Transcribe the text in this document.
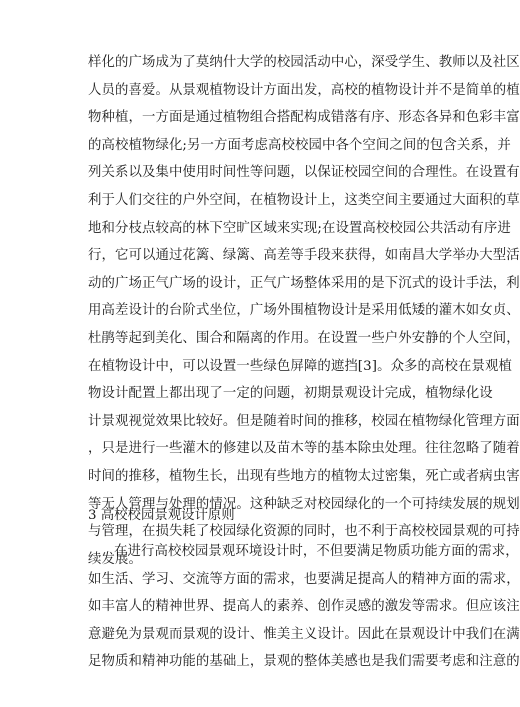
样化的广场成为了莫纳什大学的校园活动中心，深受学生、教师以及社区
人员的喜爱。从景观植物设计方面出发，高校的植物设计并不是简单的植
物种植，一方面是通过植物组合搭配构成错落有序、形态各异和色彩丰富
的高校植物绿化;另一方面考虑高校校园中各个空间之间的包含关系，并
列关系以及集中使用时间性等问题，以保证校园空间的合理性。在设置有
利于人们交往的户外空间，在植物设计上，这类空间主要通过大面积的草
地和分枝点较高的林下空旷区域来实现;在设置高校校园公共活动有序进
行，它可以通过花篱、绿篱、高差等手段来获得，如南昌大学举办大型活
动的广场正气广场的设计，正气广场整体采用的是下沉式的设计手法，利
用高差设计的台阶式坐位，广场外围植物设计是采用低矮的灌木如女贞、
杜鹃等起到美化、围合和隔离的作用。在设置一些户外安静的个人空间，
在植物设计中，可以设置一些绿色屏障的遮挡[3]。众多的高校在景观植
物设计配置上都出现了一定的问题，初期景观设计完成，植物绿化设
计景观视觉效果比较好。但是随着时间的推移，校园在植物绿化管理方面
，只是进行一些灌木的修建以及苗木等的基本除虫处理。往往忽略了随着
时间的推移，植物生长，出现有些地方的植物太过密集，死亡或者病虫害
等无人管理与处理的情况。这种缺乏对校园绿化的一个可持续发展的规划
与管理，在损失耗了校园绿化资源的同时，也不利于高校校园景观的可持
续发展。
3 高校校园景观设计原则
在进行高校校园景观环境设计时，不但要满足物质功能方面的需求，
如生活、学习、交流等方面的需求，也要满足提高人的精神方面的需求，
如丰富人的精神世界、提高人的素养、创作灵感的激发等需求。但应该注
意避免为景观而景观的设计、惟美主义设计。因此在景观设计中我们在满
足物质和精神功能的基础上，景观的整体美感也是我们需要考虑和注意的
